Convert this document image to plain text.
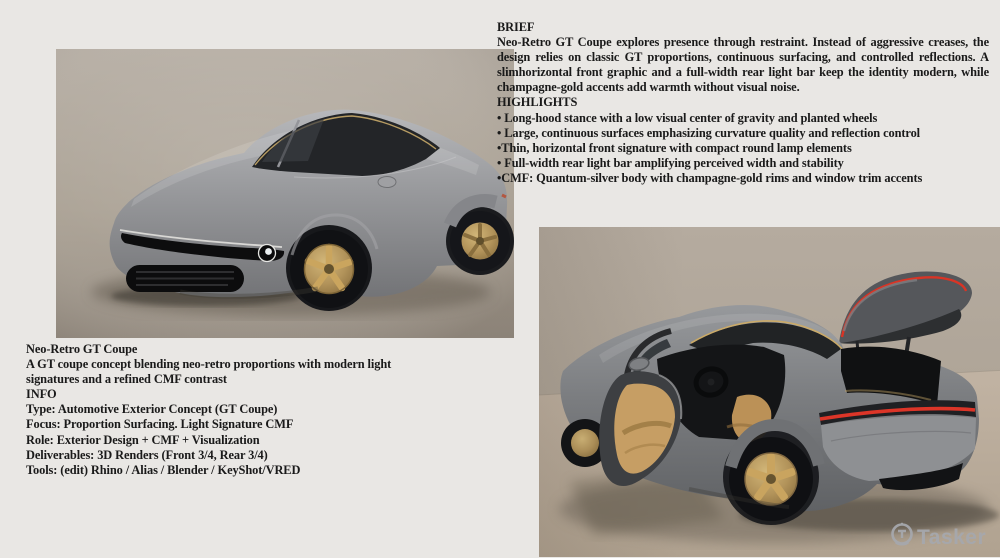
BRIEF
Neo-Retro GT Coupe explores presence through restraint. Instead of aggressive creases, the
design relies on classic GT proportions, continuous surfacing, and controlled reflections. A
slimhorizontal front graphic and a full-width rear light bar keep the identity modern, while
champagne-gold accents add warmth without visual noise.
HIGHLIGHTS
• Long-hood stance with a low visual center of gravity and planted wheels
• Large, continuous surfaces emphasizing curvature quality and reflection control
•Thin, horizontal front signature with compact round lamp elements
• Full-width rear light bar amplifying perceived width and stability
•CMF: Quantum-silver body with champagne-gold rims and window trim accents
Neo-Retro GT Coupe
A GT coupe concept blending neo-retro proportions with modern light
signatures and a refined CMF contrast
INFO
Type: Automotive Exterior Concept (GT Coupe)
Focus: Proportion Surfacing. Light Signature CMF
Role: Exterior Design + CMF + Visualization
Deliverables: 3D Renders (Front 3/4, Rear 3/4)
Tools: (edit) Rhino / Alias / Blender / KeyShot/VRED
Tasker
